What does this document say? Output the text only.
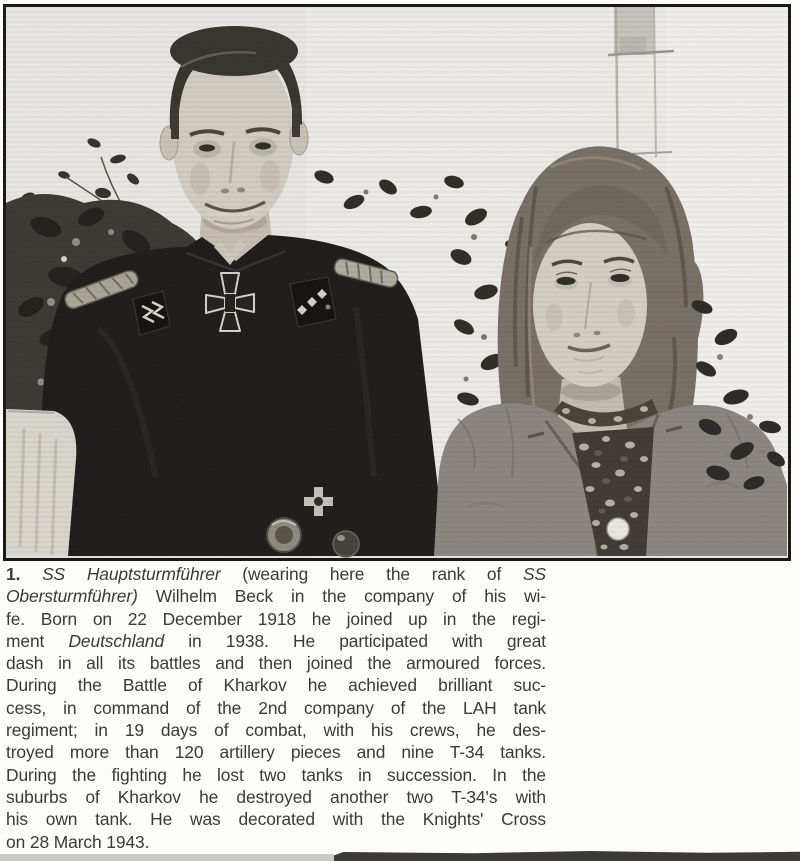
1. SS Hauptsturmführer (wearing here the rank of SS
Obersturmführer) Wilhelm Beck in the company of his wi-
fe. Born on 22 December 1918 he joined up in the regi-
ment Deutschland in 1938. He participated with great
dash in all its battles and then joined the armoured forces.
During the Battle of Kharkov he achieved brilliant suc-
cess, in command of the 2nd company of the LAH tank
regiment; in 19 days of combat, with his crews, he des-
troyed more than 120 artillery pieces and nine T-34 tanks.
During the fighting he lost two tanks in succession. In the
suburbs of Kharkov he destroyed another two T-34's with
his own tank. He was decorated with the Knights' Cross
on 28 March 1943.
